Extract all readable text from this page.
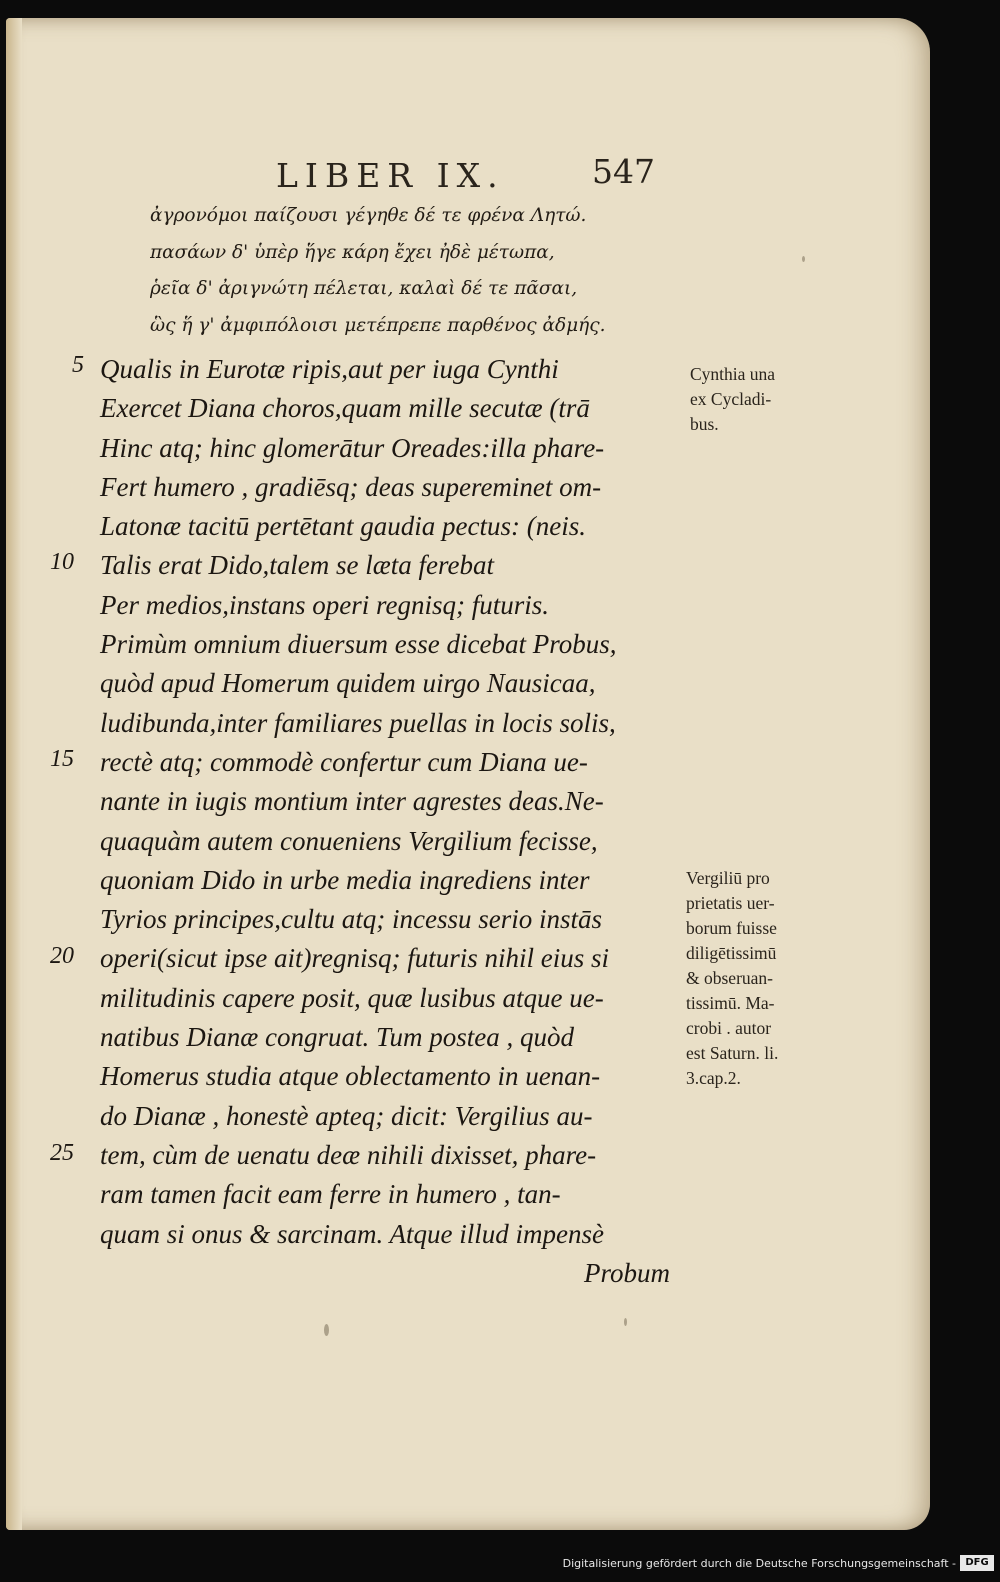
LIBER IX.	547
ἀγρονόμοι παίζουσι γέγηθε δέ τε φρένα Λητώ.
πασάων δ' ὑπὲρ ἥγε κάρη ἔχει ἠδὲ μέτωπα,
ῥεῖα δ' ἀριγνώτη πέλεται, καλαὶ δέ τε πᾶσαι,
ὣς ἥ γ' ἀμφιπόλοισι μετέπρεπε παρθένος ἀδμής.
5
10
15
20
25
Qualis in Eurotæ ripis,aut per iuga Cynthi
Exercet Diana choros,quam mille secutæ (trā
Hinc atq; hinc glomerātur Oreades:illa phare-
Fert humero , gradiēsq; deas supereminet om-
Latonæ tacitū pertētant gaudia pectus: (neis.
Talis erat Dido,talem se læta ferebat
Per medios,instans operi regnisq; futuris.
Primùm omnium diuersum esse dicebat Probus,
quòd apud Homerum quidem uirgo Nausicaa,
ludibunda,inter familiares puellas in locis solis,
rectè atq; commodè confertur cum Diana ue-
nante in iugis montium inter agrestes deas.Ne-
quaquàm autem conueniens Vergilium fecisse,
quoniam Dido in urbe media ingrediens inter
Tyrios principes,cultu atq; incessu serio instās
operi(sicut ipse ait)regnisq; futuris nihil eius si
militudinis capere posit, quæ lusibus atque ue-
natibus Dianæ congruat. Tum postea , quòd
Homerus studia atque oblectamento in uenan-
do Dianæ , honestè apteq; dicit: Vergilius au-
tem, cùm de uenatu deæ nihili dixisset, phare-
ram tamen facit eam ferre in humero , tan-
quam si onus & sarcinam. Atque illud impensè
Probum
Cynthia una
ex Cycladi-
bus.
Vergiliū pro
prietatis uer-
borum fuisse
diligētissimū
& obseruan-
tissimū. Ma-
crobi . autor
est Saturn. li.
3.cap.2.
Digitalisierung gefördert durch die Deutsche Forschungsgemeinschaft - DFG
